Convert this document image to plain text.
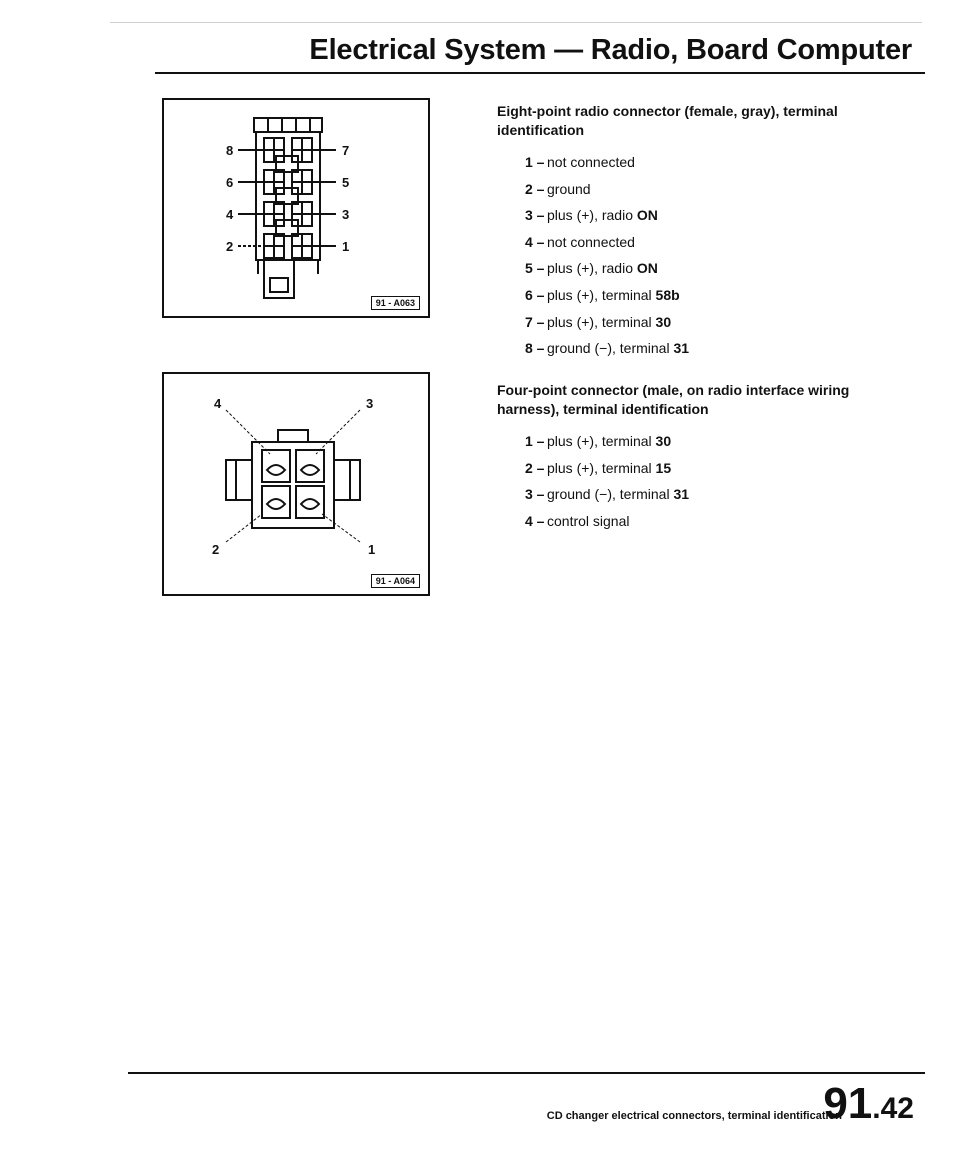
Electrical System — Radio, Board Computer
8
6
4
2
7
5
3
1
91 - A063
4	3
2	1
91 - A064
Eight-point radio connector (female, gray), terminal identification
1 – not connected
2 – ground
3 – plus (+), radio ON
4 – not connected
5 – plus (+), radio ON
6 – plus (+), terminal 58b
7 – plus (+), terminal 30
8 – ground (−), terminal 31
Four-point connector (male, on radio interface wiring harness), terminal identification
1 – plus (+), terminal 30
2 – plus (+), terminal 15
3 – ground (−), terminal 31
4 – control signal
CD changer electrical connectors, terminal identification
91.42
